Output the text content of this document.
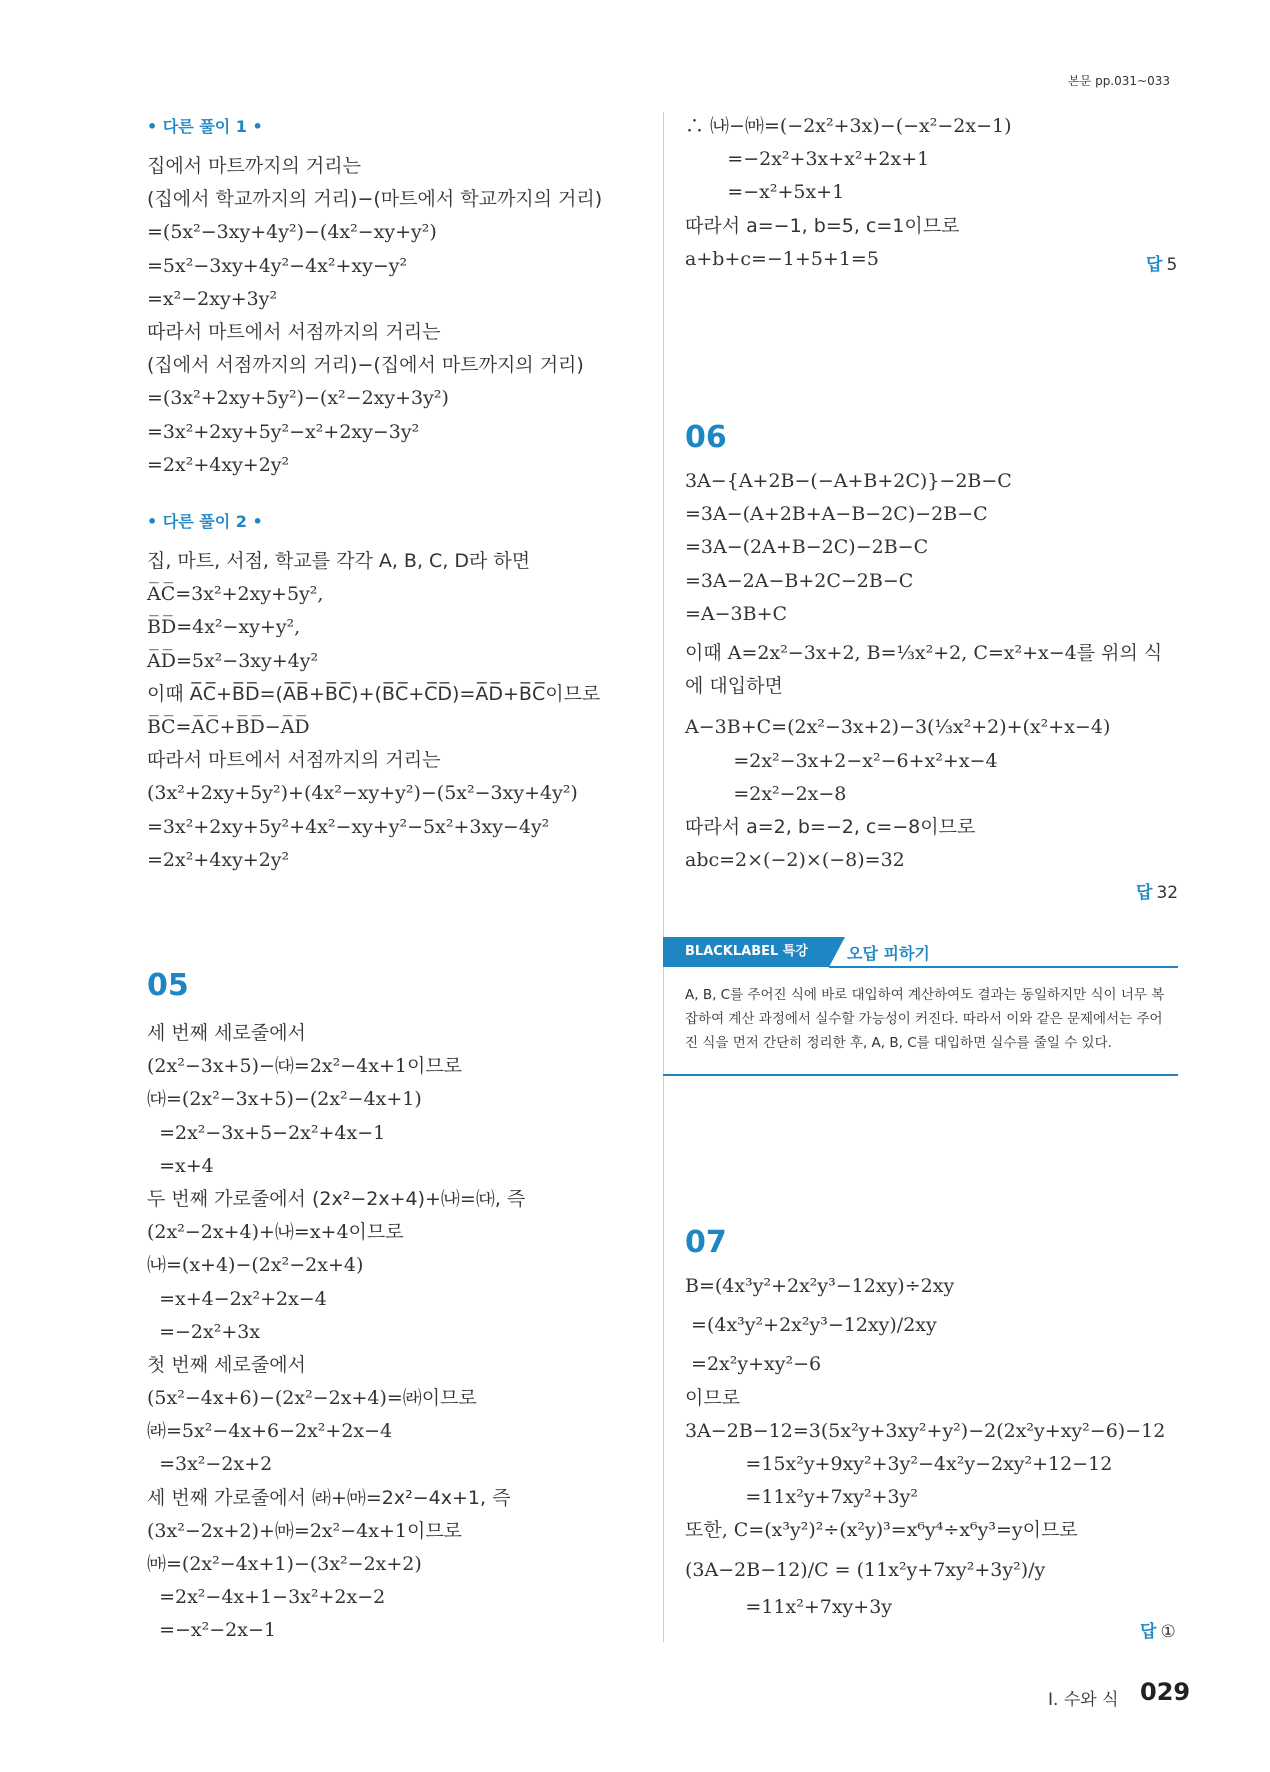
본문 pp.031~033
• 다른 풀이 1 •
집에서 마트까지의 거리는
(집에서 학교까지의 거리)−(마트에서 학교까지의 거리)
=(5x²−3xy+4y²)−(4x²−xy+y²)
=5x²−3xy+4y²−4x²+xy−y²
=x²−2xy+3y²
따라서 마트에서 서점까지의 거리는
(집에서 서점까지의 거리)−(집에서 마트까지의 거리)
=(3x²+2xy+5y²)−(x²−2xy+3y²)
=3x²+2xy+5y²−x²+2xy−3y²
=2x²+4xy+2y²
• 다른 풀이 2 •
집, 마트, 서점, 학교를 각각 A, B, C, D라 하면
A̅C̅=3x²+2xy+5y²,
B̅D̅=4x²−xy+y²,
A̅D̅=5x²−3xy+4y²
이때 A̅C̅+B̅D̅=(A̅B̅+B̅C̅)+(B̅C̅+C̅D̅)=A̅D̅+B̅C̅이므로
B̅C̅=A̅C̅+B̅D̅−A̅D̅
따라서 마트에서 서점까지의 거리는
(3x²+2xy+5y²)+(4x²−xy+y²)−(5x²−3xy+4y²)
=3x²+2xy+5y²+4x²−xy+y²−5x²+3xy−4y²
=2x²+4xy+2y²
05
세 번째 세로줄에서
(2x²−3x+5)−㈐=2x²−4x+1이므로
㈐=(2x²−3x+5)−(2x²−4x+1)
=2x²−3x+5−2x²+4x−1
=x+4
두 번째 가로줄에서 (2x²−2x+4)+㈏=㈐, 즉
(2x²−2x+4)+㈏=x+4이므로
㈏=(x+4)−(2x²−2x+4)
=x+4−2x²+2x−4
=−2x²+3x
첫 번째 세로줄에서
(5x²−4x+6)−(2x²−2x+4)=㈑이므로
㈑=5x²−4x+6−2x²+2x−4
=3x²−2x+2
세 번째 가로줄에서 ㈑+㈒=2x²−4x+1, 즉
(3x²−2x+2)+㈒=2x²−4x+1이므로
㈒=(2x²−4x+1)−(3x²−2x+2)
=2x²−4x+1−3x²+2x−2
=−x²−2x−1
∴ ㈏−㈒=(−2x²+3x)−(−x²−2x−1)
=−2x²+3x+x²+2x+1
=−x²+5x+1
따라서 a=−1, b=5, c=1이므로
a+b+c=−1+5+1=5	답 5
06
3A−{A+2B−(−A+B+2C)}−2B−C
=3A−(A+2B+A−B−2C)−2B−C
=3A−(2A+B−2C)−2B−C
=3A−2A−B+2C−2B−C
=A−3B+C
이때 A=2x²−3x+2, B=⅓x²+2, C=x²+x−4를 위의 식
에 대입하면
A−3B+C=(2x²−3x+2)−3(⅓x²+2)+(x²+x−4)
=2x²−3x+2−x²−6+x²+x−4
=2x²−2x−8
따라서 a=2, b=−2, c=−8이므로
abc=2×(−2)×(−8)=32
답 32
BLACKLABEL 특강	오답 피하기
A, B, C를 주어진 식에 바로 대입하여 계산하여도 결과는 동일하지만 식이 너무 복잡하여 계산 과정에서 실수할 가능성이 커진다. 따라서 이와 같은 문제에서는 주어진 식을 먼저 간단히 정리한 후, A, B, C를 대입하면 실수를 줄일 수 있다.
07
B=(4x³y²+2x²y³−12xy)÷2xy
=(4x³y²+2x²y³−12xy)/2xy
=2x²y+xy²−6
이므로
3A−2B−12=3(5x²y+3xy²+y²)−2(2x²y+xy²−6)−12
=15x²y+9xy²+3y²−4x²y−2xy²+12−12
=11x²y+7xy²+3y²
또한, C=(x³y²)²÷(x²y)³=x⁶y⁴÷x⁶y³=y이므로
(3A−2B−12)/C = (11x²y+7xy²+3y²)/y
=11x²+7xy+3y
답 ①
Ⅰ. 수와 식 029
